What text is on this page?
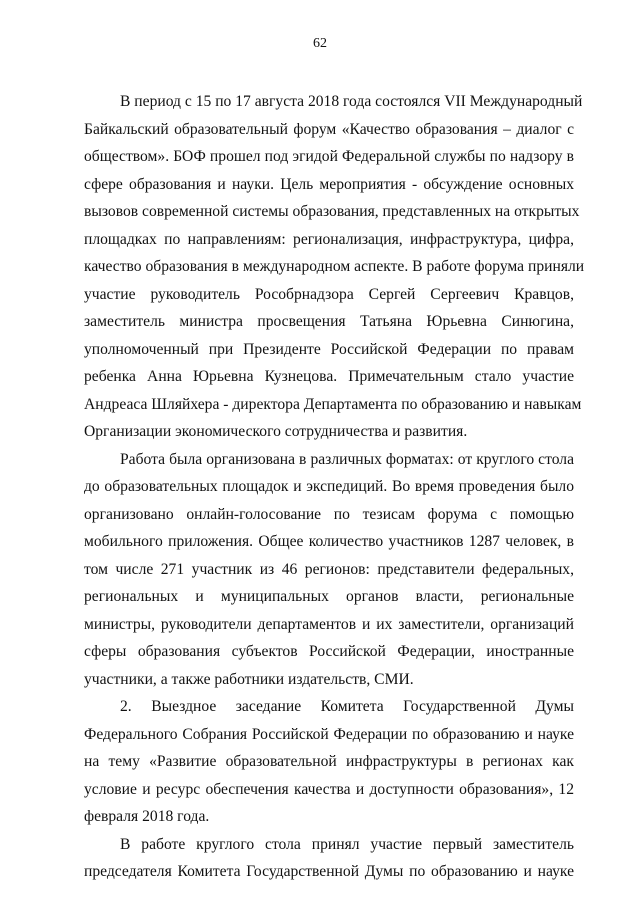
62
В период с 15 по 17 августа 2018 года состоялся VII Международный
Байкальский образовательный форум «Качество образования – диалог с
обществом». БОФ прошел под эгидой Федеральной службы по надзору в
сфере образования и науки. Цель мероприятия - обсуждение основных
вызовов современной системы образования, представленных на открытых
площадках по направлениям: регионализация, инфраструктура, цифра,
качество образования в международном аспекте. В работе форума приняли
участие руководитель Рособрнадзора Сергей Сергеевич Кравцов,
заместитель министра просвещения Татьяна Юрьевна Синюгина,
уполномоченный при Президенте Российской Федерации по правам
ребенка Анна Юрьевна Кузнецова. Примечательным стало участие
Андреаса Шляйхера - директора Департамента по образованию и навыкам
Организации экономического сотрудничества и развития.
Работа была организована в различных форматах: от круглого стола
до образовательных площадок и экспедиций. Во время проведения было
организовано онлайн-голосование по тезисам форума с помощью
мобильного приложения. Общее количество участников 1287 человек, в
том числе 271 участник из 46 регионов: представители федеральных,
региональных и муниципальных органов власти, региональные
министры, руководители департаментов и их заместители, организаций
сферы образования субъектов Российской Федерации, иностранные
участники, а также работники издательств, СМИ.
2. Выездное заседание Комитета Государственной Думы
Федерального Собрания Российской Федерации по образованию и науке
на тему «Развитие образовательной инфраструктуры в регионах как
условие и ресурс обеспечения качества и доступности образования», 12
февраля 2018 года.
В работе круглого стола принял участие первый заместитель
председателя Комитета Государственной Думы по образованию и науке
